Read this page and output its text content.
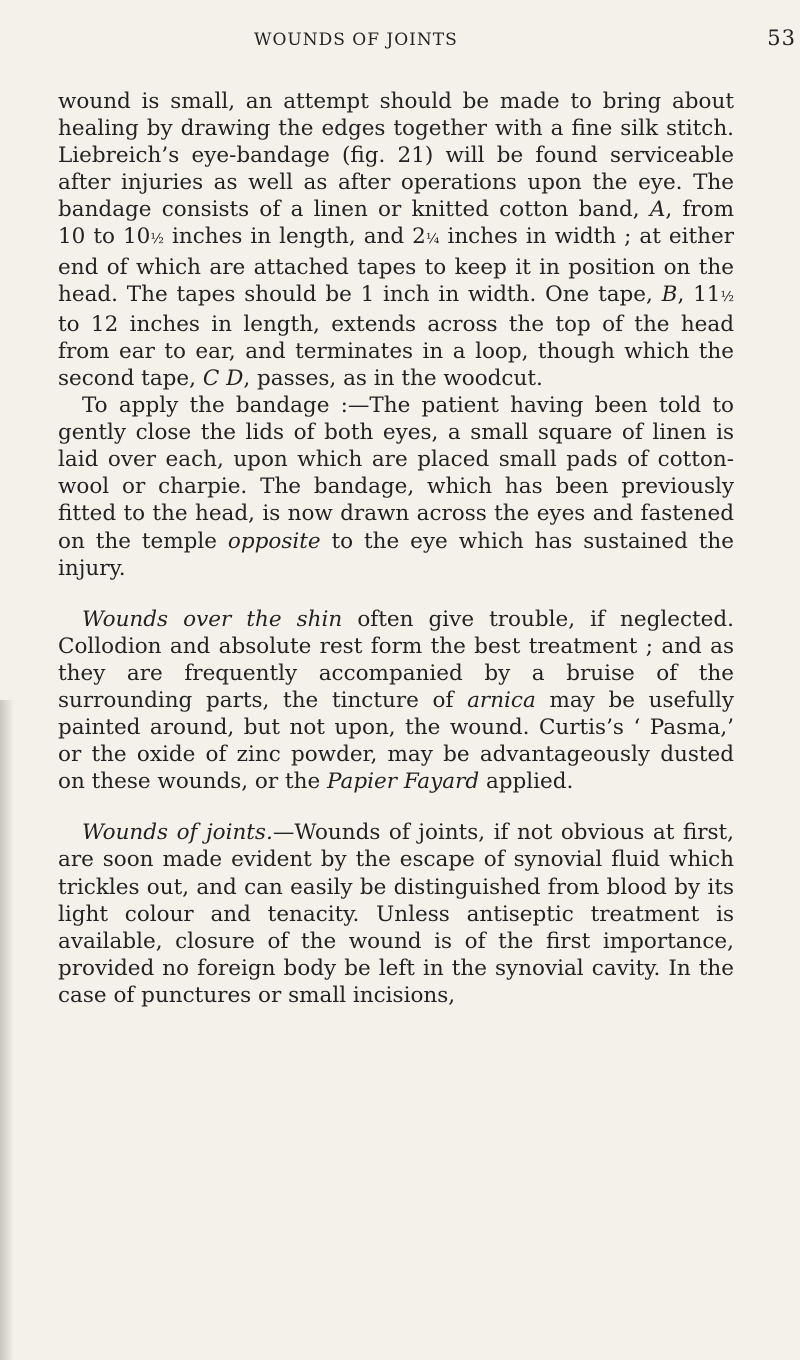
WOUNDS OF JOINTS	53

wound is small, an attempt should be made to bring about healing by drawing the edges together with a fine silk stitch. Liebreich’s eye-bandage (fig. 21) will be found serviceable after injuries as well as after operations upon the eye. The bandage consists of a linen or knitted cotton band, A, from 10 to 10½ inches in length, and 2¼ inches in width ; at either end of which are attached tapes to keep it in position on the head. The tapes should be 1 inch in width. One tape, B, 11½ to 12 inches in length, extends across the top of the head from ear to ear, and terminates in a loop, though which the second tape, C D, passes, as in the woodcut.

To apply the bandage :—The patient having been told to gently close the lids of both eyes, a small square of linen is laid over each, upon which are placed small pads of cotton-wool or charpie. The bandage, which has been previously fitted to the head, is now drawn across the eyes and fastened on the temple opposite to the eye which has sustained the injury.

Wounds over the shin often give trouble, if neglected. Collodion and absolute rest form the best treatment ; and as they are frequently accompanied by a bruise of the surrounding parts, the tincture of arnica may be usefully painted around, but not upon, the wound. Curtis’s ‘ Pasma,’ or the oxide of zinc powder, may be advantageously dusted on these wounds, or the Papier Fayard applied.

Wounds of joints.—Wounds of joints, if not obvious at first, are soon made evident by the escape of synovial fluid which trickles out, and can easily be distinguished from blood by its light colour and tenacity. Unless antiseptic treatment is available, closure of the wound is of the first importance, provided no foreign body be left in the synovial cavity. In the case of punctures or small incisions,
